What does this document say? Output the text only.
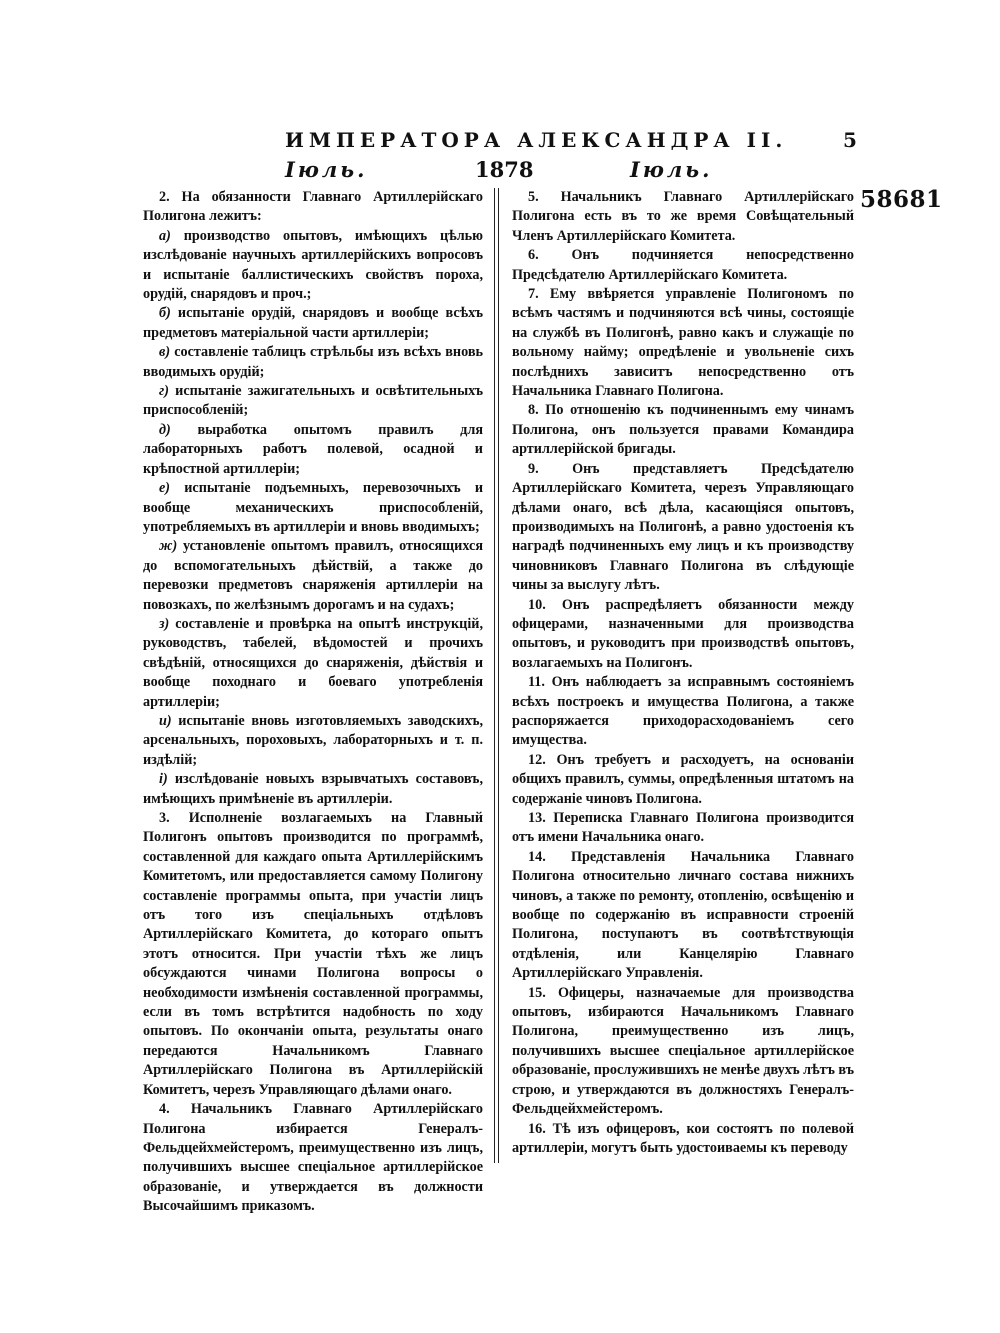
ИМПЕРАТОРА АЛЕКСАНДРА II.	5
Іюль.	1878	Іюль.
58681

2. На обязанности Главнаго Артиллерійскаго Полигона лежитъ:

а) производство опытовъ, имѣющихъ цѣлью изслѣдованіе научныхъ артиллерійскихъ вопросовъ и испытаніе баллистическихъ свойствъ пороха, орудій, снарядовъ и проч.;

б) испытаніе орудій, снарядовъ и вообще всѣхъ предметовъ матеріальной части артиллеріи;

в) составленіе таблицъ стрѣльбы изъ всѣхъ вновь вводимыхъ орудій;

г) испытаніе зажигательныхъ и освѣтительныхъ приспособленій;

д) выработка опытомъ правилъ для лабораторныхъ работъ полевой, осадной и крѣпостной артиллеріи;

е) испытаніе подъемныхъ, перевозочныхъ и вообще механическихъ приспособленій, употребляемыхъ въ артиллеріи и вновь вводимыхъ;

ж) установленіе опытомъ правилъ, относящихся до вспомогательныхъ дѣйствій, а также до перевозки предметовъ снаряженія артиллеріи на повозкахъ, по желѣзнымъ дорогамъ и на судахъ;

з) составленіе и провѣрка на опытѣ инструкцій, руководствъ, табелей, вѣдомостей и прочихъ свѣдѣній, относящихся до снаряженія, дѣйствія и вообще походнаго и боеваго употребленія артиллеріи;

и) испытаніе вновь изготовляемыхъ заводскихъ, арсенальныхъ, пороховыхъ, лабораторныхъ и т. п. издѣлій;

і) изслѣдованіе новыхъ взрывчатыхъ составовъ, имѣющихъ примѣненіе въ артиллеріи.

3. Исполненіе возлагаемыхъ на Главный Полигонъ опытовъ производится по программѣ, составленной для каждаго опыта Артиллерійскимъ Комитетомъ, или предоставляется самому Полигону составленіе программы опыта, при участіи лицъ отъ того изъ спеціальныхъ отдѣловъ Артиллерійскаго Комитета, до котораго опытъ этотъ относится. При участіи тѣхъ же лицъ обсуждаются чинами Полигона вопросы о необходимости измѣненія составленной программы, если въ томъ встрѣтится надобность по ходу опытовъ. По окончаніи опыта, результаты онаго передаются Начальникомъ Главнаго Артиллерійскаго Полигона въ Артиллерійскій Комитетъ, черезъ Управляющаго дѣлами онаго.

4. Начальникъ Главнаго Артиллерійскаго Полигона избирается Генералъ-Фельдцейхмейстеромъ, преимущественно изъ лицъ, получившихъ высшее спеціальное артиллерійское образованіе, и утверждается въ должности Высочайшимъ приказомъ.

5. Начальникъ Главнаго Артиллерійскаго Полигона есть въ то же время Совѣщательный Членъ Артиллерійскаго Комитета.

6. Онъ подчиняется непосредственно Предсѣдателю Артиллерійскаго Комитета.

7. Ему ввѣряется управленіе Полигономъ по всѣмъ частямъ и подчиняются всѣ чины, состоящіе на службѣ въ Полигонѣ, равно какъ и служащіе по вольному найму; опредѣленіе и увольненіе сихъ послѣднихъ зависитъ непосредственно отъ Начальника Главнаго Полигона.

8. По отношенію къ подчиненнымъ ему чинамъ Полигона, онъ пользуется правами Командира артиллерійской бригады.

9. Онъ представляетъ Предсѣдателю Артиллерійскаго Комитета, черезъ Управляющаго дѣлами онаго, всѣ дѣла, касающіяся опытовъ, производимыхъ на Полигонѣ, а равно удостоенія къ наградѣ подчиненныхъ ему лицъ и къ производству чиновниковъ Главнаго Полигона въ слѣдующіе чины за выслугу лѣтъ.

10. Онъ распредѣляетъ обязанности между офицерами, назначенными для производства опытовъ, и руководитъ при производствѣ опытовъ, возлагаемыхъ на Полигонъ.

11. Онъ наблюдаетъ за исправнымъ состояніемъ всѣхъ построекъ и имущества Полигона, а также распоряжается приходорасходованіемъ сего имущества.

12. Онъ требуетъ и расходуетъ, на основаніи общихъ правилъ, суммы, опредѣленныя штатомъ на содержаніе чиновъ Полигона.

13. Переписка Главнаго Полигона производится отъ имени Начальника онаго.

14. Представленія Начальника Главнаго Полигона относительно личнаго состава нижнихъ чиновъ, а также по ремонту, отопленію, освѣщенію и вообще по содержанію въ исправности строеній Полигона, поступаютъ въ соотвѣтствующія отдѣленія, или Канцелярію Главнаго Артиллерійскаго Управленія.

15. Офицеры, назначаемые для производства опытовъ, избираются Начальникомъ Главнаго Полигона, преимущественно изъ лицъ, получившихъ высшее спеціальное артиллерійское образованіе, прослужившихъ не менѣе двухъ лѣтъ въ строю, и утверждаются въ должностяхъ Генералъ-Фельдцейхмейстеромъ.

16. Тѣ изъ офицеровъ, кои состоятъ по полевой артиллеріи, могутъ быть удостоиваемы къ переводу
